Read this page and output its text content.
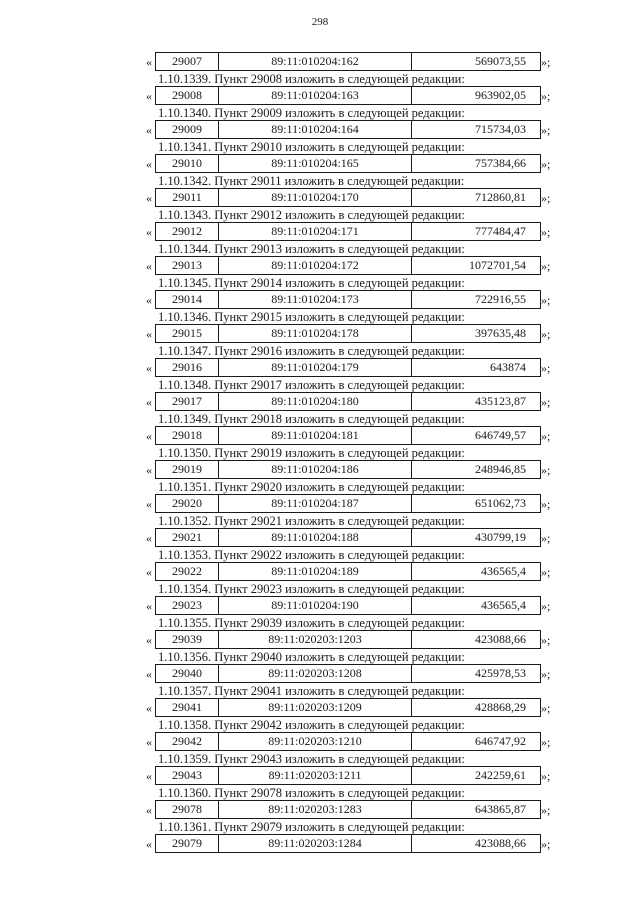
298
«	29007	89:11:010204:162	569073,55	»;
1.10.1339. Пункт 29008 изложить в следующей редакции:
«	29008	89:11:010204:163	963902,05	»;
1.10.1340. Пункт 29009 изложить в следующей редакции:
«	29009	89:11:010204:164	715734,03	»;
1.10.1341. Пункт 29010 изложить в следующей редакции:
«	29010	89:11:010204:165	757384,66	»;
1.10.1342. Пункт 29011 изложить в следующей редакции:
«	29011	89:11:010204:170	712860,81	»;
1.10.1343. Пункт 29012 изложить в следующей редакции:
«	29012	89:11:010204:171	777484,47	»;
1.10.1344. Пункт 29013 изложить в следующей редакции:
«	29013	89:11:010204:172	1072701,54	»;
1.10.1345. Пункт 29014 изложить в следующей редакции:
«	29014	89:11:010204:173	722916,55	»;
1.10.1346. Пункт 29015 изложить в следующей редакции:
«	29015	89:11:010204:178	397635,48	»;
1.10.1347. Пункт 29016 изложить в следующей редакции:
«	29016	89:11:010204:179	643874	»;
1.10.1348. Пункт 29017 изложить в следующей редакции:
«	29017	89:11:010204:180	435123,87	»;
1.10.1349. Пункт 29018 изложить в следующей редакции:
«	29018	89:11:010204:181	646749,57	»;
1.10.1350. Пункт 29019 изложить в следующей редакции:
«	29019	89:11:010204:186	248946,85	»;
1.10.1351. Пункт 29020 изложить в следующей редакции:
«	29020	89:11:010204:187	651062,73	»;
1.10.1352. Пункт 29021 изложить в следующей редакции:
«	29021	89:11:010204:188	430799,19	»;
1.10.1353. Пункт 29022 изложить в следующей редакции:
«	29022	89:11:010204:189	436565,4	»;
1.10.1354. Пункт 29023 изложить в следующей редакции:
«	29023	89:11:010204:190	436565,4	»;
1.10.1355. Пункт 29039 изложить в следующей редакции:
«	29039	89:11:020203:1203	423088,66	»;
1.10.1356. Пункт 29040 изложить в следующей редакции:
«	29040	89:11:020203:1208	425978,53	»;
1.10.1357. Пункт 29041 изложить в следующей редакции:
«	29041	89:11:020203:1209	428868,29	»;
1.10.1358. Пункт 29042 изложить в следующей редакции:
«	29042	89:11:020203:1210	646747,92	»;
1.10.1359. Пункт 29043 изложить в следующей редакции:
«	29043	89:11:020203:1211	242259,61	»;
1.10.1360. Пункт 29078 изложить в следующей редакции:
«	29078	89:11:020203:1283	643865,87	»;
1.10.1361. Пункт 29079 изложить в следующей редакции:
«	29079	89:11:020203:1284	423088,66	»;
